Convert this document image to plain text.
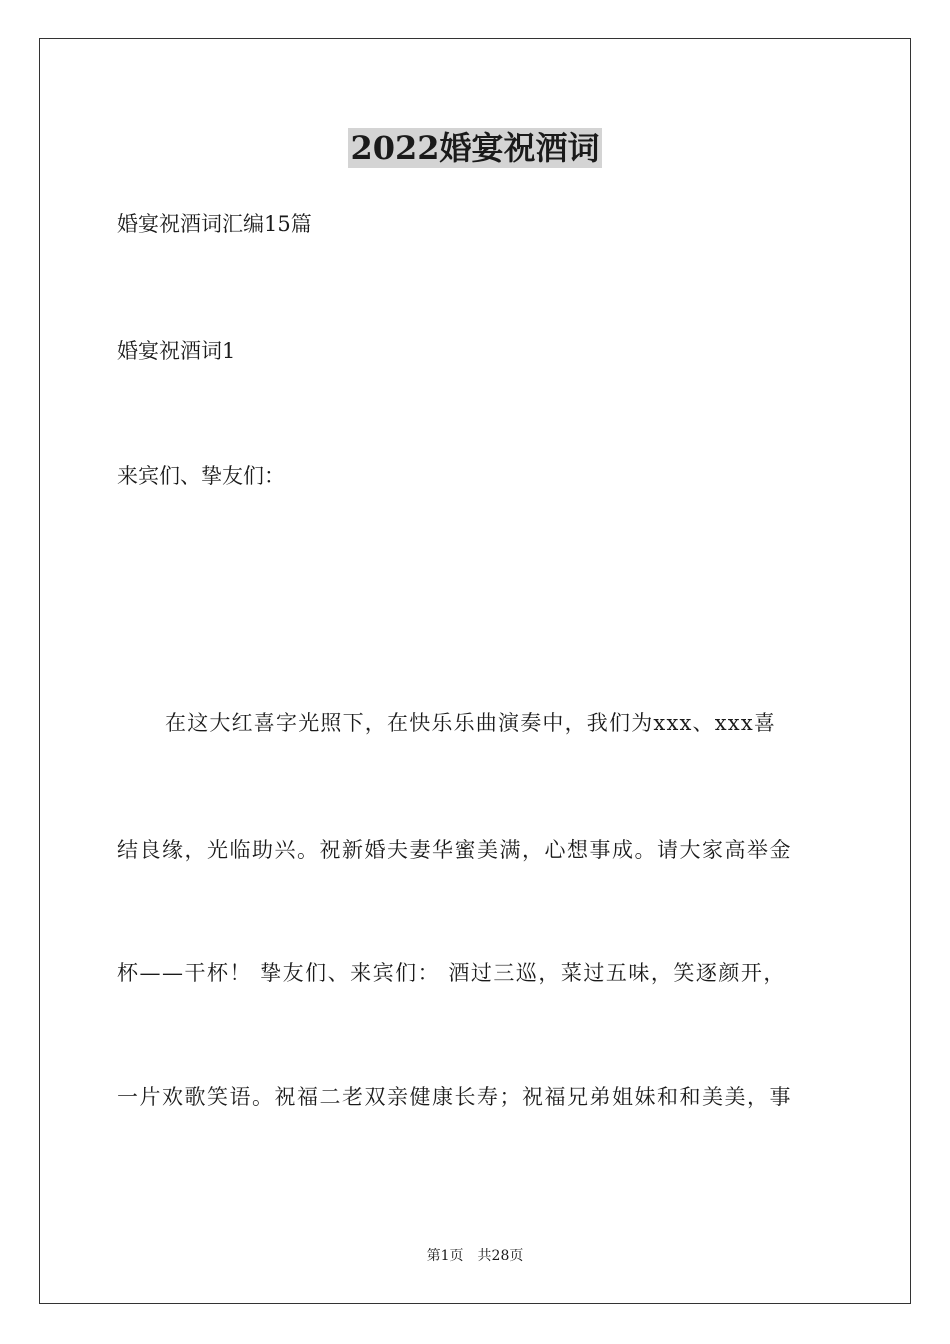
2022婚宴祝酒词
婚宴祝酒词汇编15篇
婚宴祝酒词1
来宾们、挚友们：
在这大红喜字光照下，在快乐乐曲演奏中，我们为xxx、xxx喜
结良缘，光临助兴。祝新婚夫妻华蜜美满，心想事成。请大家高举金
杯——干杯！ 挚友们、来宾们： 酒过三巡，菜过五味，笑逐颜开，
一片欢歌笑语。祝福二老双亲健康长寿；祝福兄弟姐妹和和美美，事
第1页 共28页
